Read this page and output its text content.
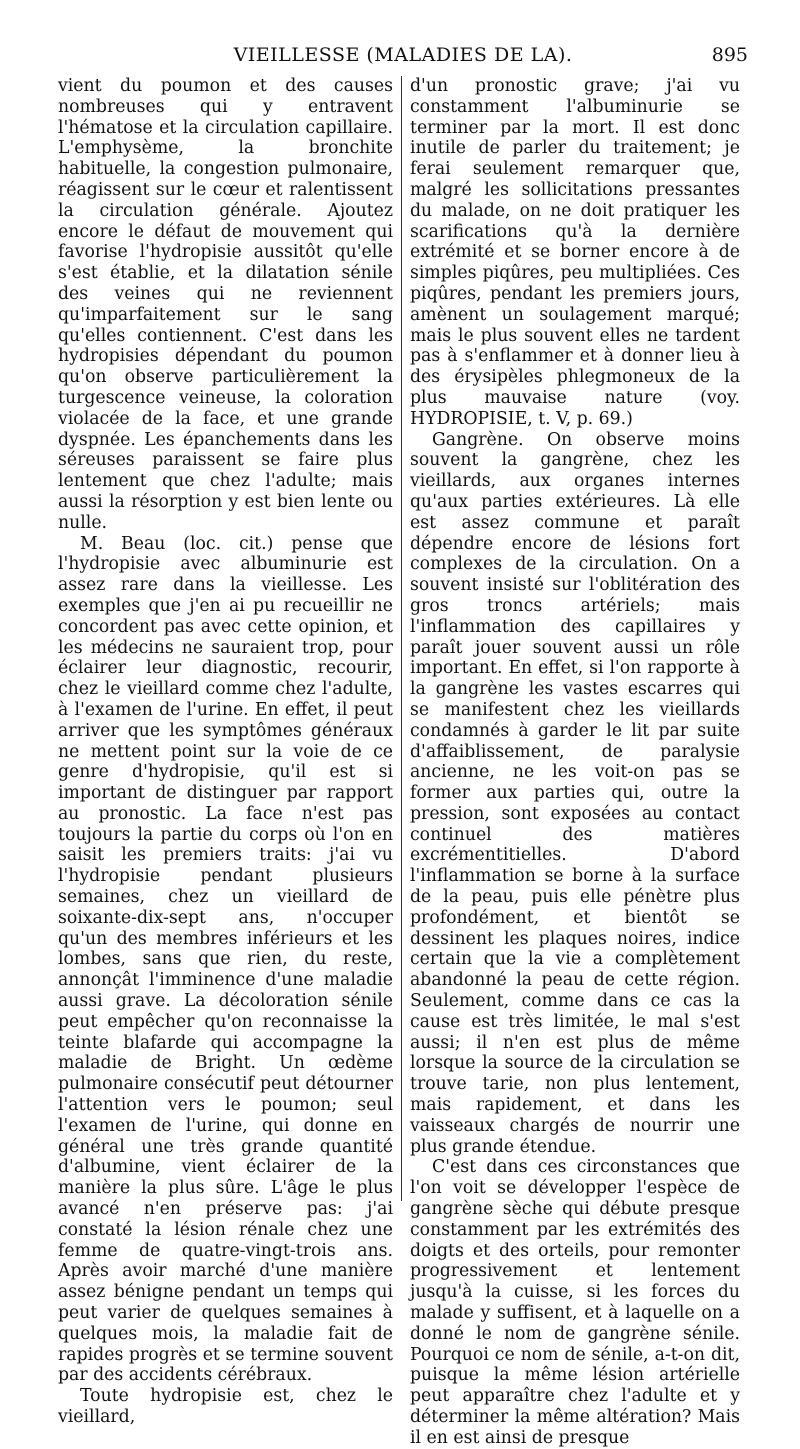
VIEILLESSE (MALADIES DE LA).	895

vient du poumon et des causes nombreuses qui y entravent l'hématose et la circulation capillaire. L'emphysème, la bronchite habituelle, la congestion pulmonaire, réagissent sur le cœur et ralentissent la circulation générale. Ajoutez encore le défaut de mouvement qui favorise l'hydropisie aussitôt qu'elle s'est établie, et la dilatation sénile des veines qui ne reviennent qu'imparfaitement sur le sang qu'elles contiennent. C'est dans les hydropisies dépendant du poumon qu'on observe particulièrement la turgescence veineuse, la coloration violacée de la face, et une grande dyspnée. Les épanchements dans les séreuses paraissent se faire plus lentement que chez l'adulte; mais aussi la résorption y est bien lente ou nulle.

M. Beau (loc. cit.) pense que l'hydropisie avec albuminurie est assez rare dans la vieillesse. Les exemples que j'en ai pu recueillir ne concordent pas avec cette opinion, et les médecins ne sauraient trop, pour éclairer leur diagnostic, recourir, chez le vieillard comme chez l'adulte, à l'examen de l'urine. En effet, il peut arriver que les symptômes généraux ne mettent point sur la voie de ce genre d'hydropisie, qu'il est si important de distinguer par rapport au pronostic. La face n'est pas toujours la partie du corps où l'on en saisit les premiers traits: j'ai vu l'hydropisie pendant plusieurs semaines, chez un vieillard de soixante-dix-sept ans, n'occuper qu'un des membres inférieurs et les lombes, sans que rien, du reste, annonçât l'imminence d'une maladie aussi grave. La décoloration sénile peut empêcher qu'on reconnaisse la teinte blafarde qui accompagne la maladie de Bright. Un œdème pulmonaire consécutif peut détourner l'attention vers le poumon; seul l'examen de l'urine, qui donne en général une très grande quantité d'albumine, vient éclairer de la manière la plus sûre. L'âge le plus avancé n'en préserve pas: j'ai constaté la lésion rénale chez une femme de quatre-vingt-trois ans. Après avoir marché d'une manière assez bénigne pendant un temps qui peut varier de quelques semaines à quelques mois, la maladie fait de rapides progrès et se termine souvent par des accidents cérébraux.

Toute hydropisie est, chez le vieillard,

d'un pronostic grave; j'ai vu constamment l'albuminurie se terminer par la mort. Il est donc inutile de parler du traitement; je ferai seulement remarquer que, malgré les sollicitations pressantes du malade, on ne doit pratiquer les scarifications qu'à la dernière extrémité et se borner encore à de simples piqûres, peu multipliées. Ces piqûres, pendant les premiers jours, amènent un soulagement marqué; mais le plus souvent elles ne tardent pas à s'enflammer et à donner lieu à des érysipèles phlegmoneux de la plus mauvaise nature (voy. HYDROPISIE, t. V, p. 69.)

Gangrène. On observe moins souvent la gangrène, chez les vieillards, aux organes internes qu'aux parties extérieures. Là elle est assez commune et paraît dépendre encore de lésions fort complexes de la circulation. On a souvent insisté sur l'oblitération des gros troncs artériels; mais l'inflammation des capillaires y paraît jouer souvent aussi un rôle important. En effet, si l'on rapporte à la gangrène les vastes escarres qui se manifestent chez les vieillards condamnés à garder le lit par suite d'affaiblissement, de paralysie ancienne, ne les voit-on pas se former aux parties qui, outre la pression, sont exposées au contact continuel des matières excrémentitielles. D'abord l'inflammation se borne à la surface de la peau, puis elle pénètre plus profondément, et bientôt se dessinent les plaques noires, indice certain que la vie a complètement abandonné la peau de cette région. Seulement, comme dans ce cas la cause est très limitée, le mal s'est aussi; il n'en est plus de même lorsque la source de la circulation se trouve tarie, non plus lentement, mais rapidement, et dans les vaisseaux chargés de nourrir une plus grande étendue.

C'est dans ces circonstances que l'on voit se développer l'espèce de gangrène sèche qui débute presque constamment par les extrémités des doigts et des orteils, pour remonter progressivement et lentement jusqu'à la cuisse, si les forces du malade y suffisent, et à laquelle on a donné le nom de gangrène sénile. Pourquoi ce nom de sénile, a-t-on dit, puisque la même lésion artérielle peut apparaître chez l'adulte et y déterminer la même altération? Mais il en est ainsi de presque
